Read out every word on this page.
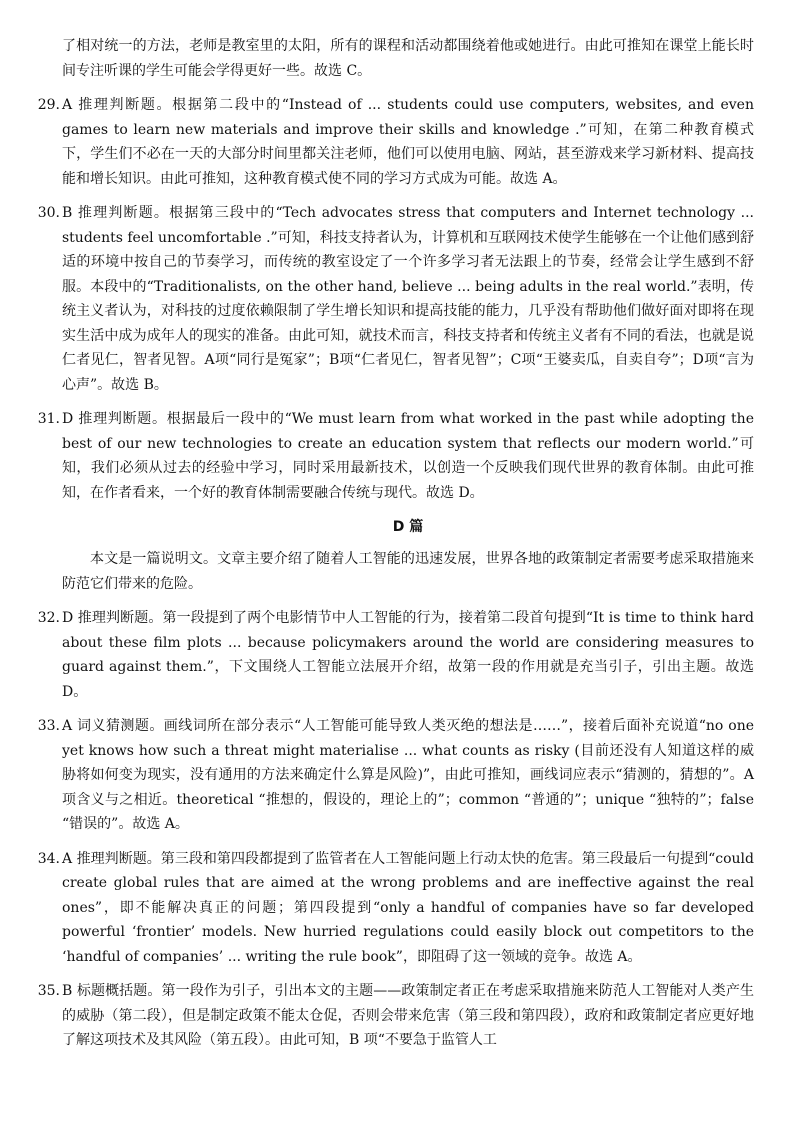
了相对统一的方法，老师是教室里的太阳，所有的课程和活动都围绕着他或她进行。由此可推知在课堂上能长时间专注听课的学生可能会学得更好一些。故选 C。

29. A 推理判断题。根据第二段中的“Instead of ... students could use computers, websites, and even games to learn new materials and improve their skills and knowledge .”可知，在第二种教育模式下，学生们不必在一天的大部分时间里都关注老师，他们可以使用电脑、网站，甚至游戏来学习新材料、提高技能和增长知识。由此可推知，这种教育模式使不同的学习方式成为可能。故选 A。
30. B 推理判断题。根据第三段中的“Tech advocates stress that computers and Internet technology ... students feel uncomfortable .”可知，科技支持者认为，计算机和互联网技术使学生能够在一个让他们感到舒适的环境中按自己的节奏学习，而传统的教室设定了一个许多学习者无法跟上的节奏，经常会让学生感到不舒服。本段中的“Traditionalists, on the other hand, believe ... being adults in the real world.”表明，传统主义者认为，对科技的过度依赖限制了学生增长知识和提高技能的能力，几乎没有帮助他们做好面对即将在现实生活中成为成年人的现实的准备。由此可知，就技术而言，科技支持者和传统主义者有不同的看法，也就是说仁者见仁，智者见智。A项“同行是冤家”；B项“仁者见仁，智者见智”；C项“王婆卖瓜，自卖自夸”；D项“言为心声”。故选 B。
31. D 推理判断题。根据最后一段中的“We must learn from what worked in the past while adopting the best of our new technologies to create an education system that reflects our modern world.”可知，我们必须从过去的经验中学习，同时采用最新技术，以创造一个反映我们现代世界的教育体制。由此可推知，在作者看来，一个好的教育体制需要融合传统与现代。故选 D。
D 篇

本文是一篇说明文。文章主要介绍了随着人工智能的迅速发展，世界各地的政策制定者需要考虑采取措施来防范它们带来的危险。

32. D 推理判断题。第一段提到了两个电影情节中人工智能的行为，接着第二段首句提到“It is time to think hard about these film plots ... because policymakers around the world are considering measures to guard against them.”，下文围绕人工智能立法展开介绍，故第一段的作用就是充当引子，引出主题。故选 D。
33. A 词义猜测题。画线词所在部分表示“人工智能可能导致人类灭绝的想法是……”，接着后面补充说道“no one yet knows how such a threat might materialise ... what counts as risky (目前还没有人知道这样的威胁将如何变为现实，没有通用的方法来确定什么算是风险)”，由此可推知，画线词应表示“猜测的，猜想的”。A项含义与之相近。theoretical “推想的，假设的，理论上的”；common “普通的”；unique “独特的”；false “错误的”。故选 A。
34. A 推理判断题。第三段和第四段都提到了监管者在人工智能问题上行动太快的危害。第三段最后一句提到“could create global rules that are aimed at the wrong problems and are ineffective against the real ones”，即不能解决真正的问题；第四段提到“only a handful of companies have so far developed powerful ‘frontier’ models. New hurried regulations could easily block out competitors to the ‘handful of companies’ ... writing the rule book”，即阻碍了这一领域的竞争。故选 A。
35. B 标题概括题。第一段作为引子，引出本文的主题——政策制定者正在考虑采取措施来防范人工智能对人类产生的威胁（第二段），但是制定政策不能太仓促，否则会带来危害（第三段和第四段），政府和政策制定者应更好地了解这项技术及其风险（第五段）。由此可知，B 项“不要急于监管人工
